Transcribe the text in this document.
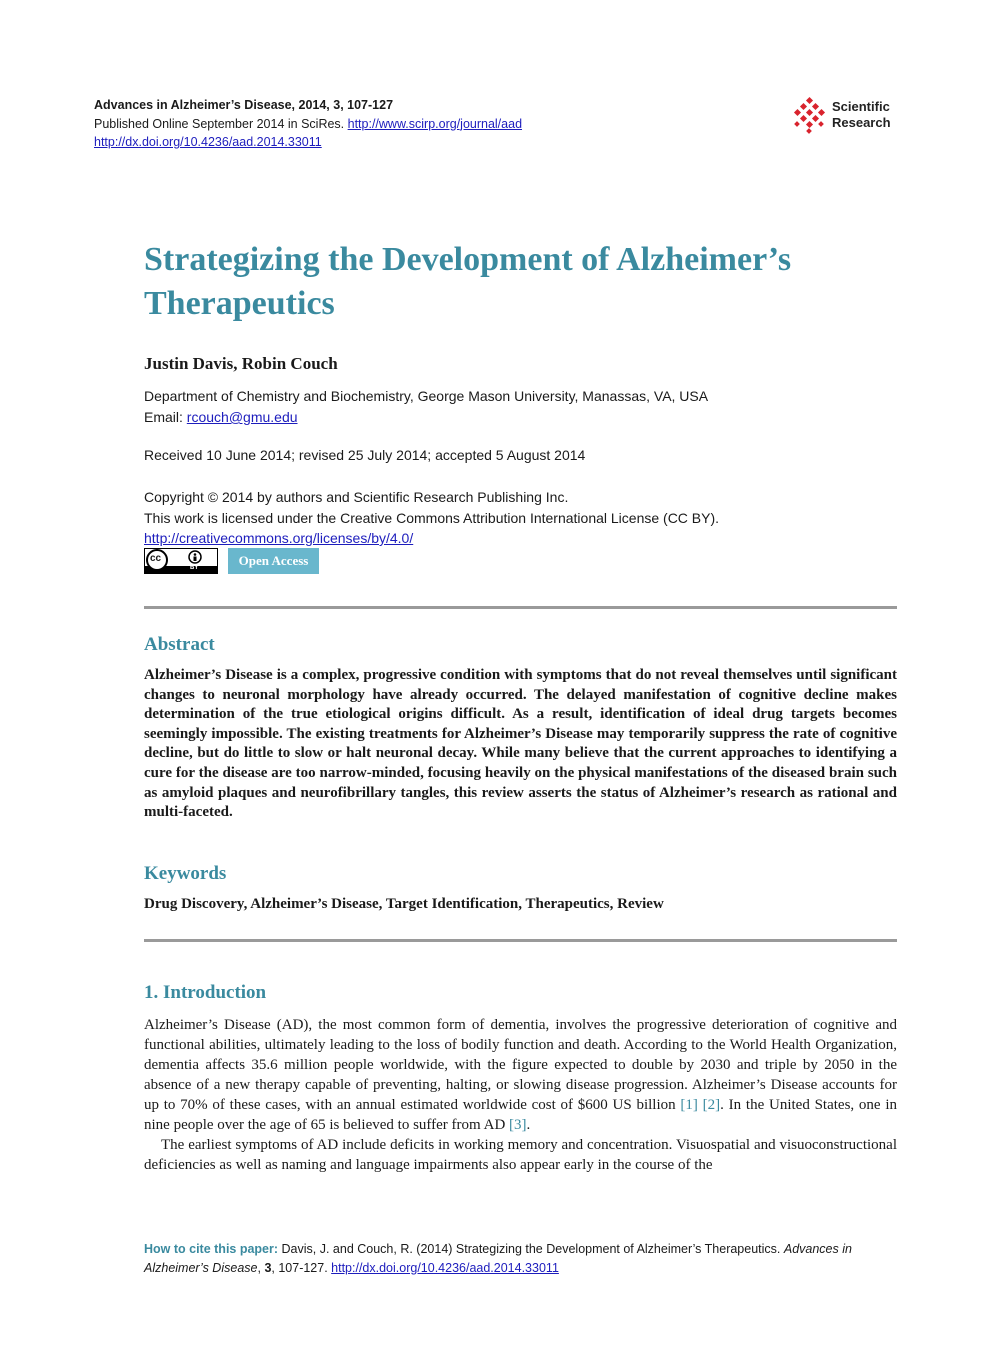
Advances in Alzheimer’s Disease, 2014, 3, 107-127
Published Online September 2014 in SciRes. http://www.scirp.org/journal/aad
http://dx.doi.org/10.4236/aad.2014.33011
Scientific
Research
Strategizing the Development of Alzheimer’s Therapeutics
Justin Davis, Robin Couch
Department of Chemistry and Biochemistry, George Mason University, Manassas, VA, USA
Email: rcouch@gmu.edu
Received 10 June 2014; revised 25 July 2014; accepted 5 August 2014
Copyright © 2014 by authors and Scientific Research Publishing Inc.
This work is licensed under the Creative Commons Attribution International License (CC BY).
http://creativecommons.org/licenses/by/4.0/
cc
BY	Open Access
Abstract
Alzheimer’s Disease is a complex, progressive condition with symptoms that do not reveal themselves until significant changes to neuronal morphology have already occurred. The delayed manifestation of cognitive decline makes determination of the true etiological origins difficult. As a result, identification of ideal drug targets becomes seemingly impossible. The existing treatments for Alzheimer’s Disease may temporarily suppress the rate of cognitive decline, but do little to slow or halt neuronal decay. While many believe that the current approaches to identifying a cure for the disease are too narrow-minded, focusing heavily on the physical manifestations of the diseased brain such as amyloid plaques and neurofibrillary tangles, this review asserts the status of Alzheimer’s research as rational and multi-faceted.
Keywords
Drug Discovery, Alzheimer’s Disease, Target Identification, Therapeutics, Review
1. Introduction

Alzheimer’s Disease (AD), the most common form of dementia, involves the progressive deterioration of cognitive and functional abilities, ultimately leading to the loss of bodily function and death. According to the World Health Organization, dementia affects 35.6 million people worldwide, with the figure expected to double by 2030 and triple by 2050 in the absence of a new therapy capable of preventing, halting, or slowing disease progression. Alzheimer’s Disease accounts for up to 70% of these cases, with an annual estimated worldwide cost of $600 US billion [1] [2]. In the United States, one in nine people over the age of 65 is believed to suffer from AD [3].

The earliest symptoms of AD include deficits in working memory and concentration. Visuospatial and visuoconstructional deficiencies as well as naming and language impairments also appear early in the course of the

How to cite this paper: Davis, J. and Couch, R. (2014) Strategizing the Development of Alzheimer’s Therapeutics. Advances in Alzheimer’s Disease, 3, 107-127. http://dx.doi.org/10.4236/aad.2014.33011
